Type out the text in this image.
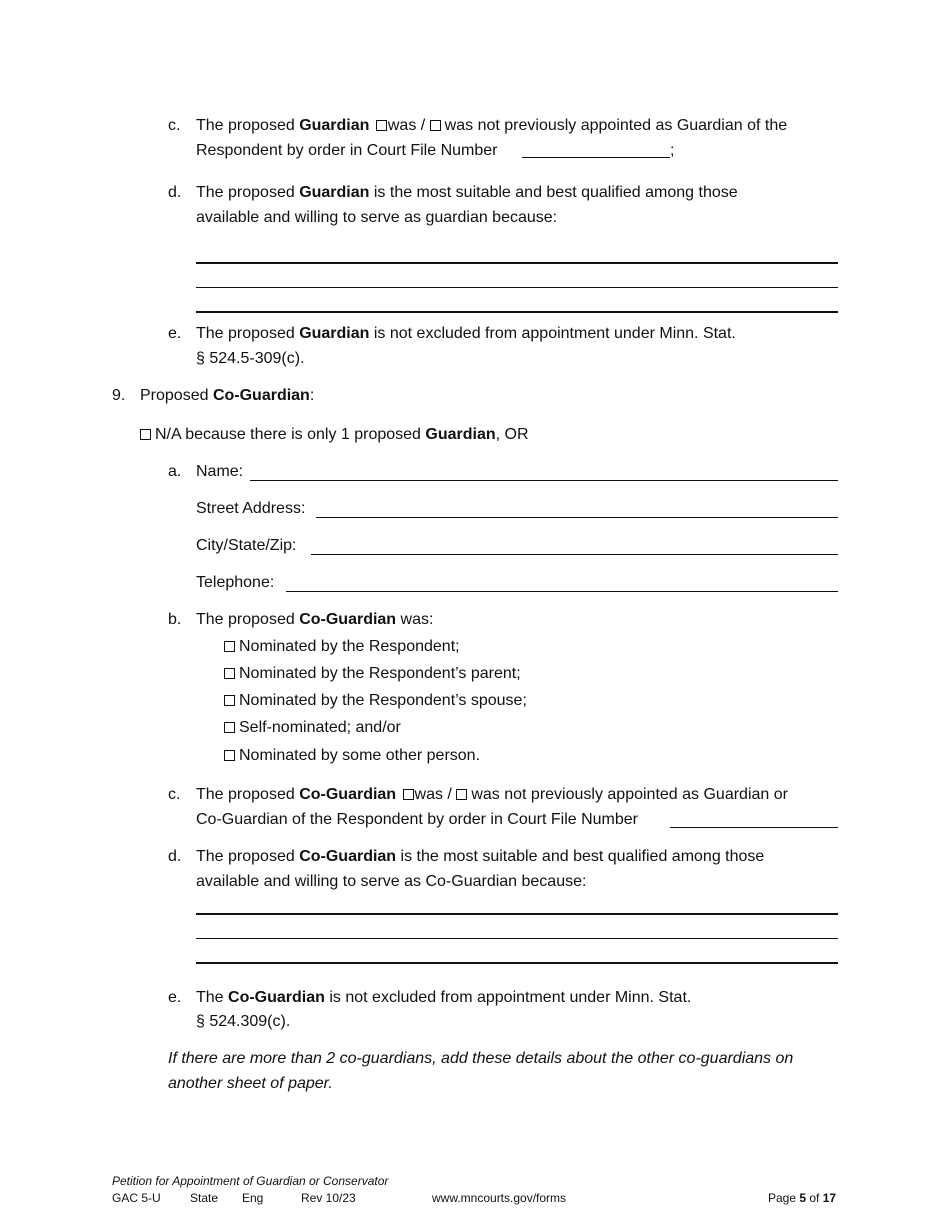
c. The proposed Guardian was / was not previously appointed as Guardian of the
Respondent by order in Court File Number	;
d. The proposed Guardian is the most suitable and best qualified among those
available and willing to serve as guardian because:
e. The proposed Guardian is not excluded from appointment under Minn. Stat.
§ 524.5-309(c).
9. Proposed Co-Guardian:
N/A because there is only 1 proposed Guardian, OR
a. Name:
Street Address:
City/State/Zip:
Telephone:
b. The proposed Co-Guardian was:
Nominated by the Respondent;
Nominated by the Respondent’s parent;
Nominated by the Respondent’s spouse;
Self-nominated; and/or
Nominated by some other person.
c. The proposed Co-Guardian was / was not previously appointed as Guardian or
Co-Guardian of the Respondent by order in Court File Number
d. The proposed Co-Guardian is the most suitable and best qualified among those
available and willing to serve as Co-Guardian because:
e. The Co-Guardian is not excluded from appointment under Minn. Stat.
§ 524.309(c).
If there are more than 2 co-guardians, add these details about the other co-guardians on
another sheet of paper.
Petition for Appointment of Guardian or Conservator
GAC 5-U State Eng	Rev 10/23	www.mncourts.gov/forms	Page 5 of 17
